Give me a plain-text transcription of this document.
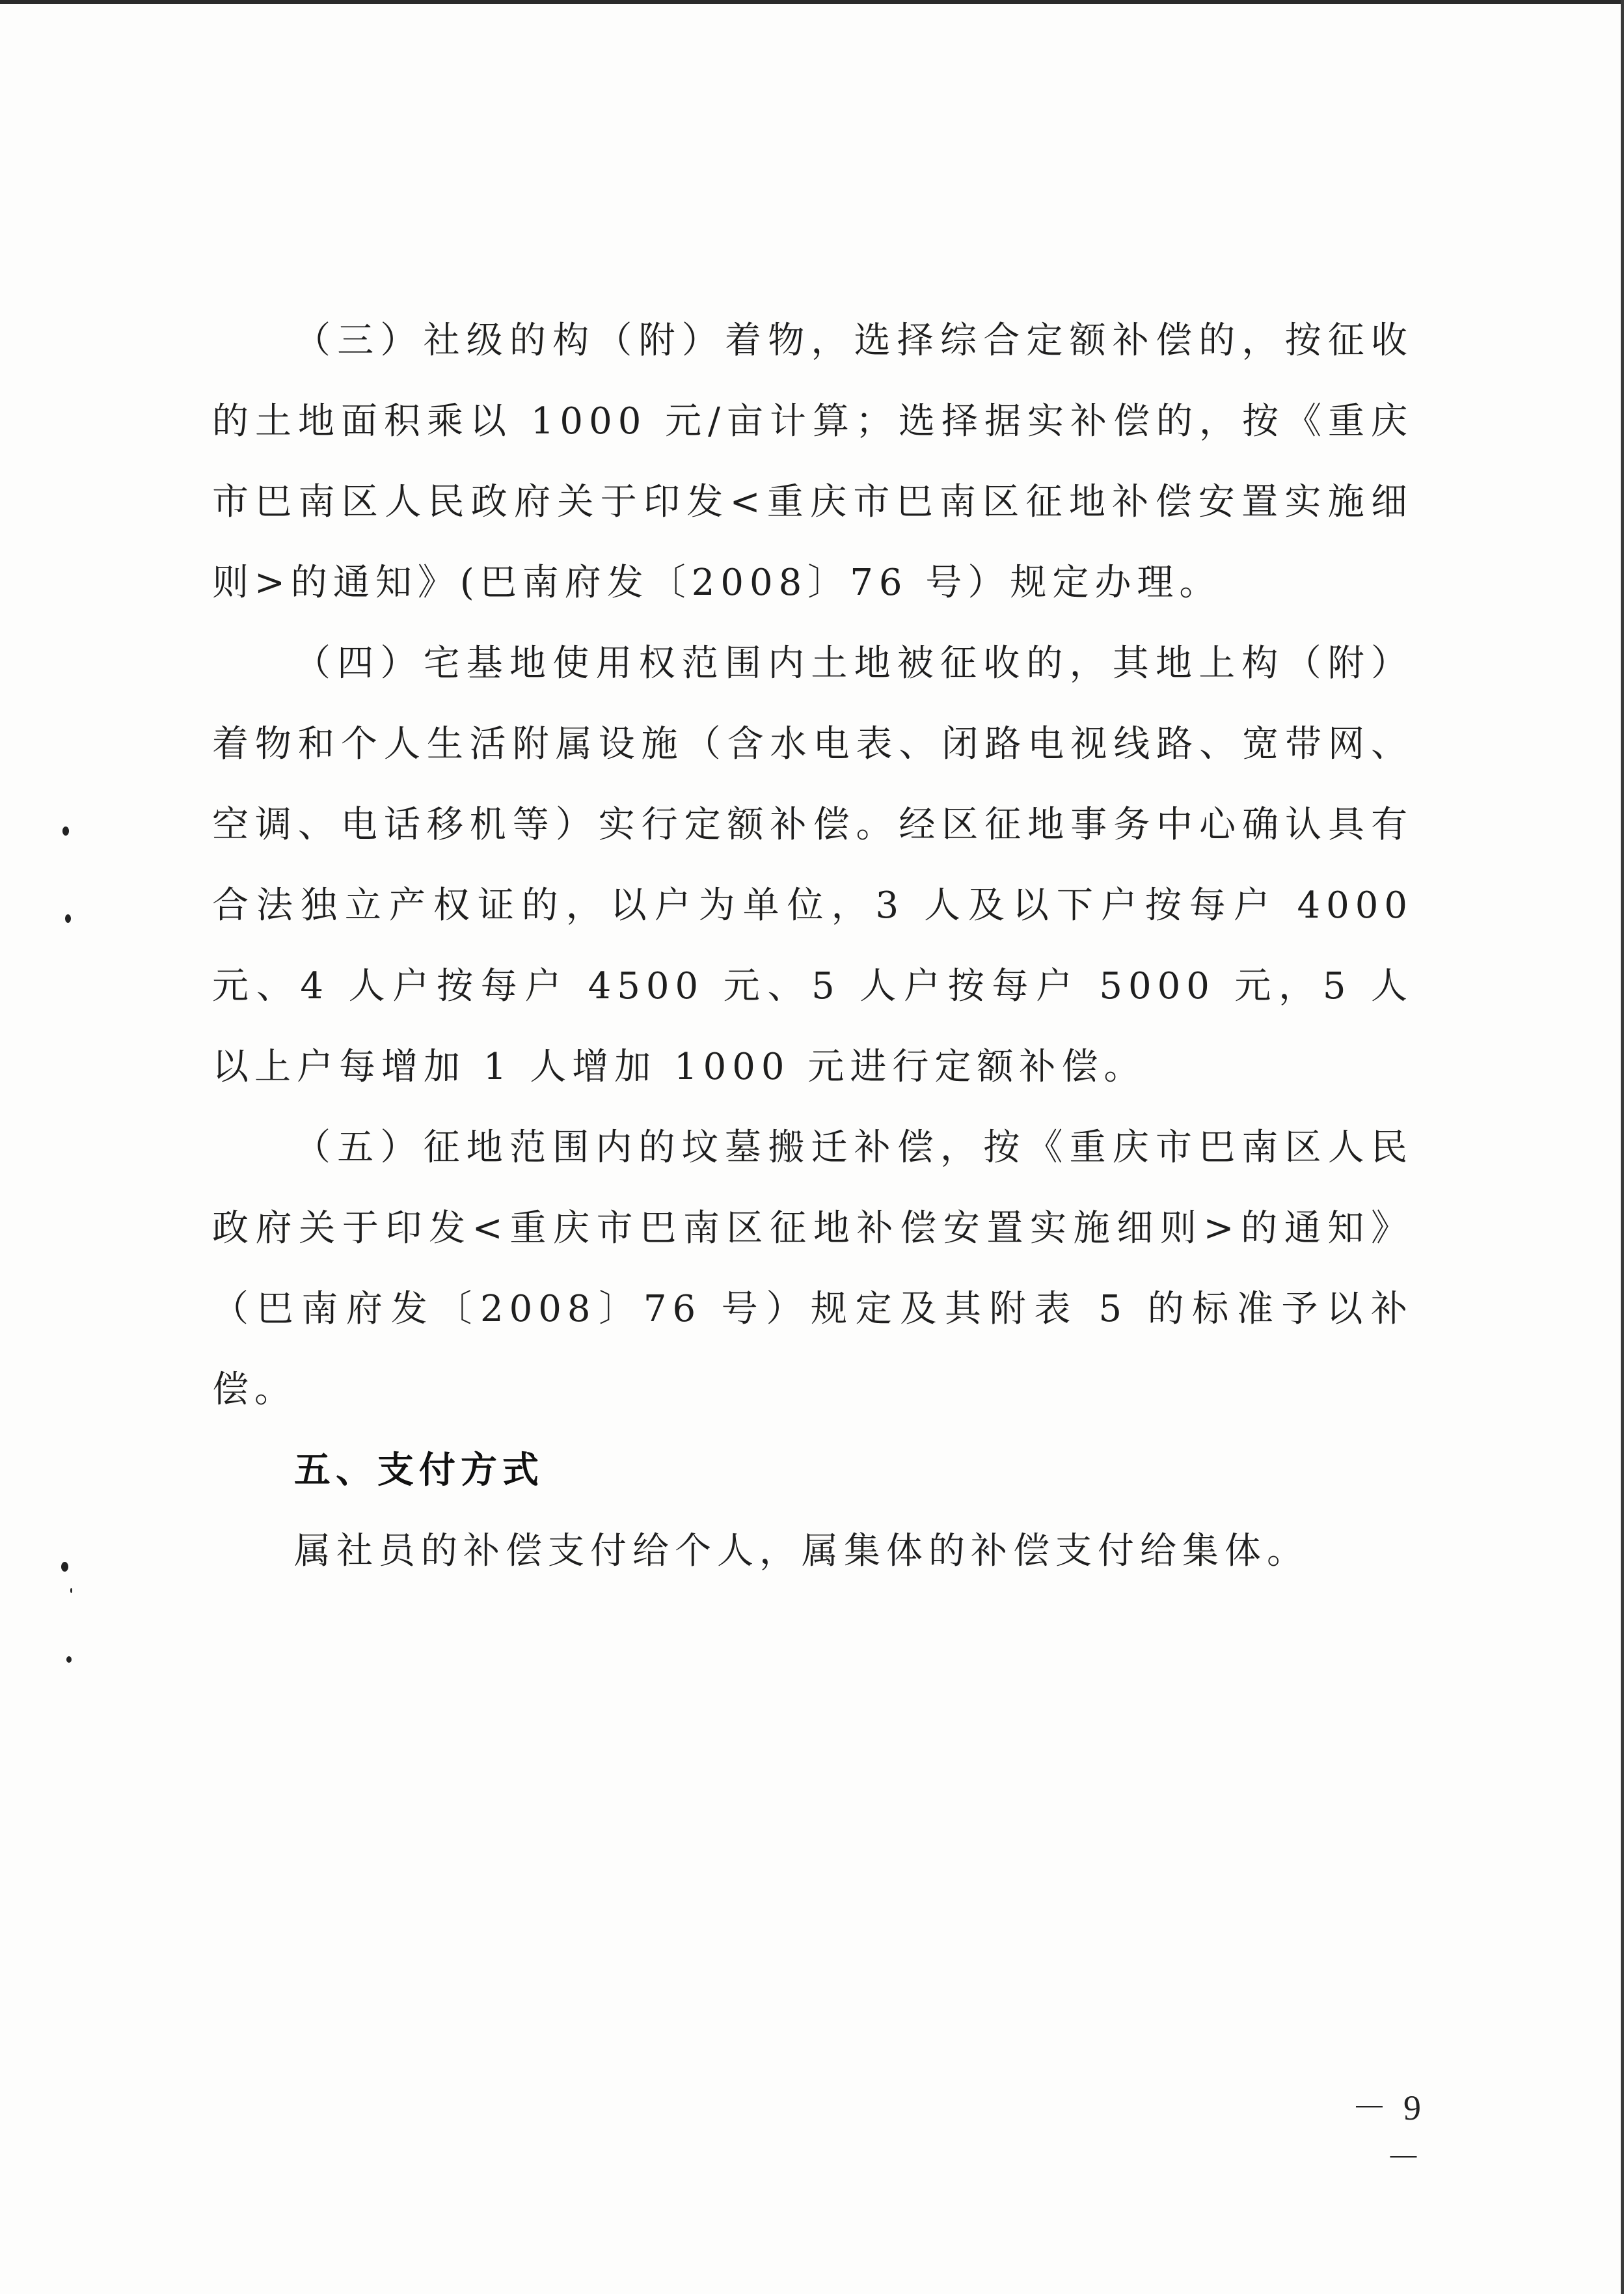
（三）社级的构（附）着物，选择综合定额补偿的，按征收的土地面积乘以 1000 元/亩计算；选择据实补偿的，按《重庆市巴南区人民政府关于印发<重庆市巴南区征地补偿安置实施细则>的通知》(巴南府发〔2008〕76 号）规定办理。

（四）宅基地使用权范围内土地被征收的，其地上构（附）着物和个人生活附属设施（含水电表、闭路电视线路、宽带网、空调、电话移机等）实行定额补偿。经区征地事务中心确认具有合法独立产权证的，以户为单位，3 人及以下户按每户 4000 元、4 人户按每户 4500 元、5 人户按每户 5000 元，5 人以上户每增加 1 人增加 1000 元进行定额补偿。

（五）征地范围内的坟墓搬迁补偿，按《重庆市巴南区人民政府关于印发<重庆市巴南区征地补偿安置实施细则>的通知》（巴南府发〔2008〕76 号）规定及其附表 5 的标准予以补偿。

五、支付方式

属社员的补偿支付给个人，属集体的补偿支付给集体。

－ 9 －
